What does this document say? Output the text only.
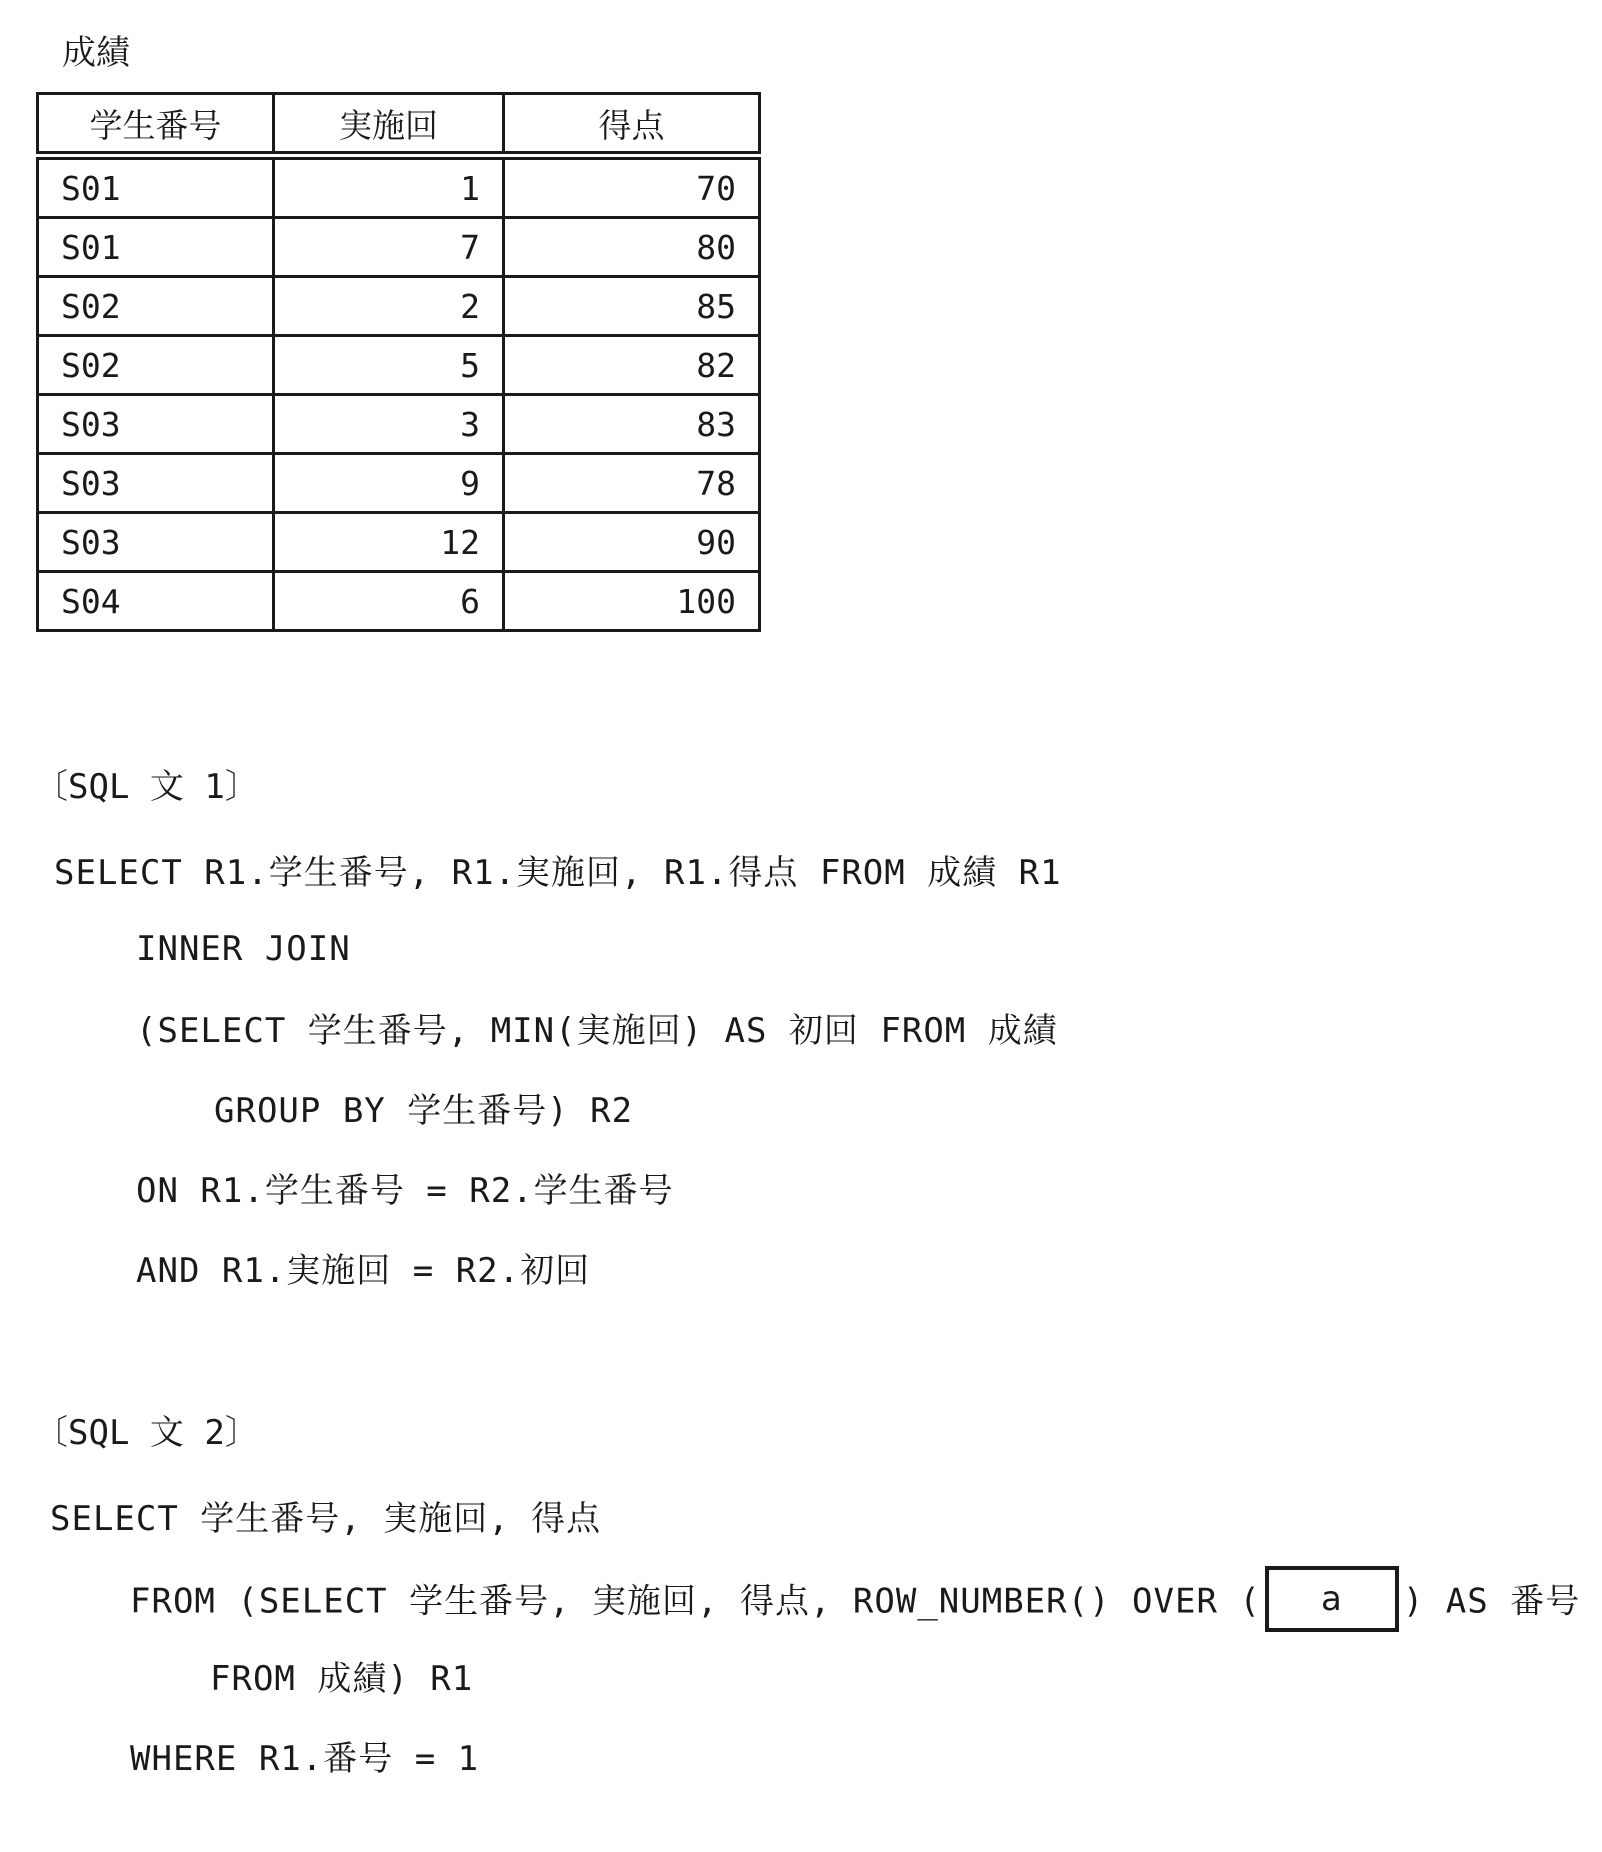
成績
学生番号	実施回	得点
S01	1	70
S01	7	80
S02	2	85
S02	5	82
S03	3	83
S03	9	78
S03	12	90
S04	6	100
〔SQL 文 1〕
SELECT R1.学生番号, R1.実施回, R1.得点 FROM 成績 R1
INNER JOIN
(SELECT 学生番号, MIN(実施回) AS 初回 FROM 成績
GROUP BY 学生番号) R2
ON R1.学生番号 = R2.学生番号
AND R1.実施回 = R2.初回
〔SQL 文 2〕
SELECT 学生番号, 実施回, 得点
FROM (SELECT 学生番号, 実施回, 得点, ROW_NUMBER() OVER ( a ) AS 番号
FROM 成績) R1
WHERE R1.番号 = 1
